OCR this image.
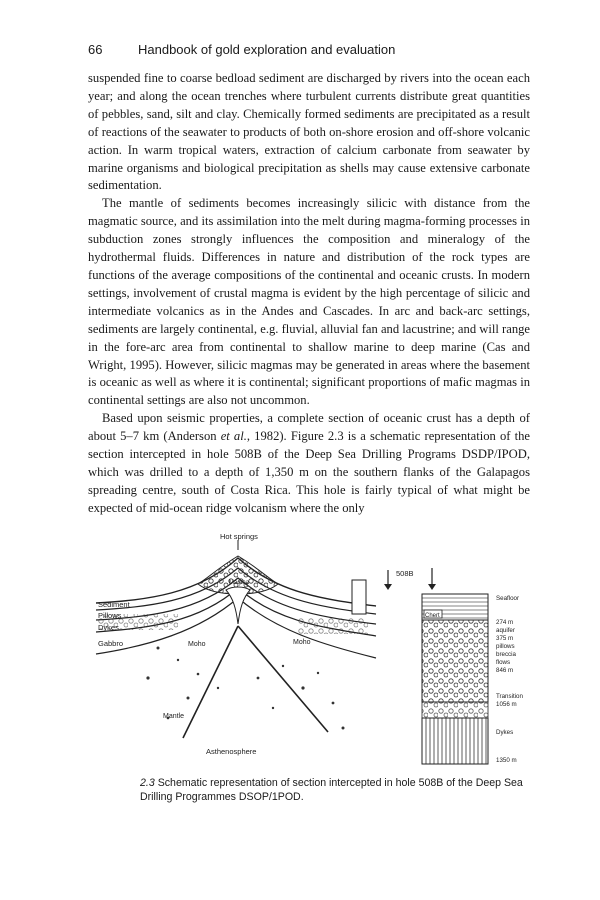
66	Handbook of gold exploration and evaluation

suspended fine to coarse bedload sediment are discharged by rivers into the ocean each year; and along the ocean trenches where turbulent currents distribute great quantities of pebbles, sand, silt and clay. Chemically formed sediments are precipitated as a result of reactions of the seawater to products of both on-shore erosion and off-shore volcanic action. In warm tropical waters, extraction of calcium carbonate from seawater by marine organisms and biological precipitation as shells may cause extensive carbonate sedimentation.

The mantle of sediments becomes increasingly silicic with distance from the magmatic source, and its assimilation into the melt during magma-forming processes in subduction zones strongly influences the composition and mineralogy of the hydrothermal fluids. Differences in nature and distribution of the rock types are functions of the average compositions of the continental and oceanic crusts. In modern settings, involvement of crustal magma is evident by the high percentage of silicic and intermediate volcanics as in the Andes and Cascades. In arc and back-arc settings, sediments are largely continental, e.g. fluvial, alluvial fan and lacustrine; and will range in the fore-arc area from continental to shallow marine to deep marine (Cas and Wright, 1995). However, silicic magmas may be generated in areas where the basement is oceanic as well as where it is continental; significant proportions of mafic magmas in continental settings are also not uncommon.

Based upon seismic properties, a complete section of oceanic crust has a depth of about 5–7 km (Anderson et al., 1982). Figure 2.3 is a schematic representation of the section intercepted in hole 508B of the Deep Sea Drilling Programs DSDP/IPOD, which was drilled to a depth of 1,350 m on the southern flanks of the Galapagos spreading centre, south of Costa Rica. This hole is fairly typical of what might be expected of mid-ocean ridge volcanism where the only

Hot springs
Magma
Sediment
Pillows
Dykes
Gabbro	Moho	Moho
Mantle
Asthenosphere
508B
Chert
Seafloor
274 m
aquifer
375 m
pillows
breccia
flows
846 m
Transition
1056 m
Dykes
1350 m
2.3 Schematic representation of section intercepted in hole 508B of the Deep Sea Drilling Programmes DSOP/1POD.
